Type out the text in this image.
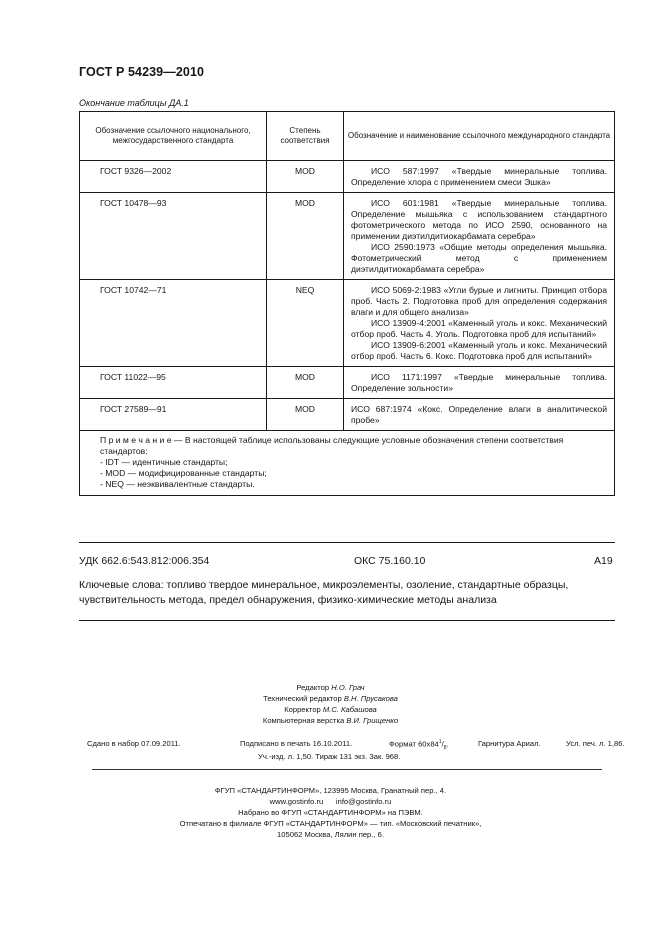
ГОСТ Р 54239—2010
Окончание таблицы ДА.1
Обозначение ссылочного национального, межгосударственного стандарта	Степень соответствия	Обозначение и наименование ссылочного международного стандарта
ГОСТ 9326—2002	MOD	ИСО 587:1997 «Твердые минеральные топлива. Определение хлора с применением смеси Эшка»

ГОСТ 10478—93	MOD	ИСО 601:1981 «Твердые минеральные топлива. Определение мышьяка с использованием стандартного фотометрического метода по ИСО 2590, основанного на применении диэтилдитиокарбамата серебра»
ИСО 2590:1973 «Общие методы определения мышьяка. Фотометрический метод с применением диэтилдитиокарбамата серебра»

ГОСТ 10742—71	NEQ	ИСО 5069-2:1983 «Угли бурые и лигниты. Принцип отбора проб. Часть 2. Подготовка проб для определения содержания влаги и для общего анализа»
ИСО 13909-4:2001 «Каменный уголь и кокс. Механический отбор проб. Часть 4. Уголь. Подготовка проб для испытаний»
ИСО 13909-6:2001 «Каменный уголь и кокс. Механический отбор проб. Часть 6. Кокс. Подготовка проб для испытаний»

ГОСТ 11022—95	MOD	ИСО 1171:1997 «Твердые минеральные топлива. Определение зольности»

ГОСТ 27589—91	MOD	ИСО 687:1974 «Кокс. Определение влаги в аналитической пробе»

П р и м е ч а н и е — В настоящей таблице использованы следующие условные обозначения степени соответствия стандартов:
- IDT — идентичные стандарты;
- MOD — модифицированные стандарты;
- NEQ — неэквивалентные стандарты.		
УДК 662.6:543.812:006.354	ОКС 75.160.10	А19
Ключевые слова: топливо твердое минеральное, микроэлементы, озоление, стандартные образцы, чувствительность метода, предел обнаружения, физико-химические методы анализа
Редактор Н.О. Грач
Технический редактор В.Н. Прусакова
Корректор М.С. Кабашова
Компьютерная верстка В.И. Грищенко
Сдано в набор 07.09.2011.	Подписано в печать 16.10.2011.	Формат $60х84^1/_8$.	Гарнитура Ариал.	Усл. печ. л. 1,86.
Уч.-изд. л. 1,50. Тираж 131 экз. Зак. 968.
ФГУП «СТАНДАРТИНФОРМ», 123995 Москва, Гранатный пер., 4.
www.gostinfo.ru      info@gostinfo.ru
Набрано во ФГУП «СТАНДАРТИНФОРМ» на ПЭВМ.
Отпечатано в филиале ФГУП «СТАНДАРТИНФОРМ» — тип. «Московский печатник»,
105062 Москва, Лялин пер., 6.
